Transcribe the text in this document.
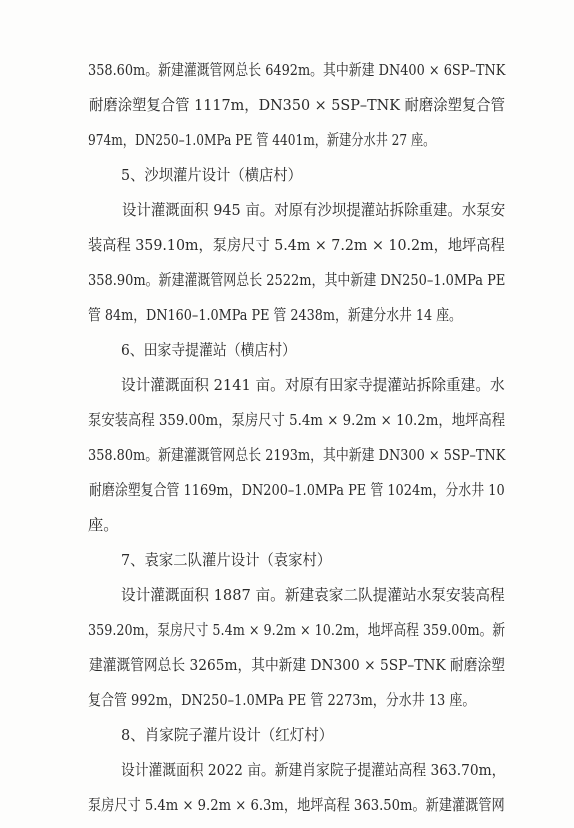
358.60m。新建灌溉管网总长 6492m。其中新建 DN400 × 6SP–TNK
耐磨涂塑复合管 1117m，DN350 × 5SP–TNK 耐磨涂塑复合管
974m，DN250–1.0MPa PE 管 4401m，新建分水井 27 座。
5、沙坝灌片设计（横店村）
设计灌溉面积 945 亩。对原有沙坝提灌站拆除重建。水泵安
装高程 359.10m，泵房尺寸 5.4m × 7.2m × 10.2m，地坪高程
358.90m。新建灌溉管网总长 2522m，其中新建 DN250–1.0MPa PE
管 84m，DN160–1.0MPa PE 管 2438m，新建分水井 14 座。
6、田家寺提灌站（横店村）
设计灌溉面积 2141 亩。对原有田家寺提灌站拆除重建。水
泵安装高程 359.00m，泵房尺寸 5.4m × 9.2m × 10.2m，地坪高程
358.80m。新建灌溉管网总长 2193m，其中新建 DN300 × 5SP–TNK
耐磨涂塑复合管 1169m，DN200–1.0MPa PE 管 1024m，分水井 10
座。
7、袁家二队灌片设计（袁家村）
设计灌溉面积 1887 亩。新建袁家二队提灌站水泵安装高程
359.20m，泵房尺寸 5.4m × 9.2m × 10.2m，地坪高程 359.00m。新
建灌溉管网总长 3265m，其中新建 DN300 × 5SP–TNK 耐磨涂塑
复合管 992m，DN250–1.0MPa PE 管 2273m，分水井 13 座。
8、肖家院子灌片设计（红灯村）
设计灌溉面积 2022 亩。新建肖家院子提灌站高程 363.70m，
泵房尺寸 5.4m × 9.2m × 6.3m，地坪高程 363.50m。新建灌溉管网
